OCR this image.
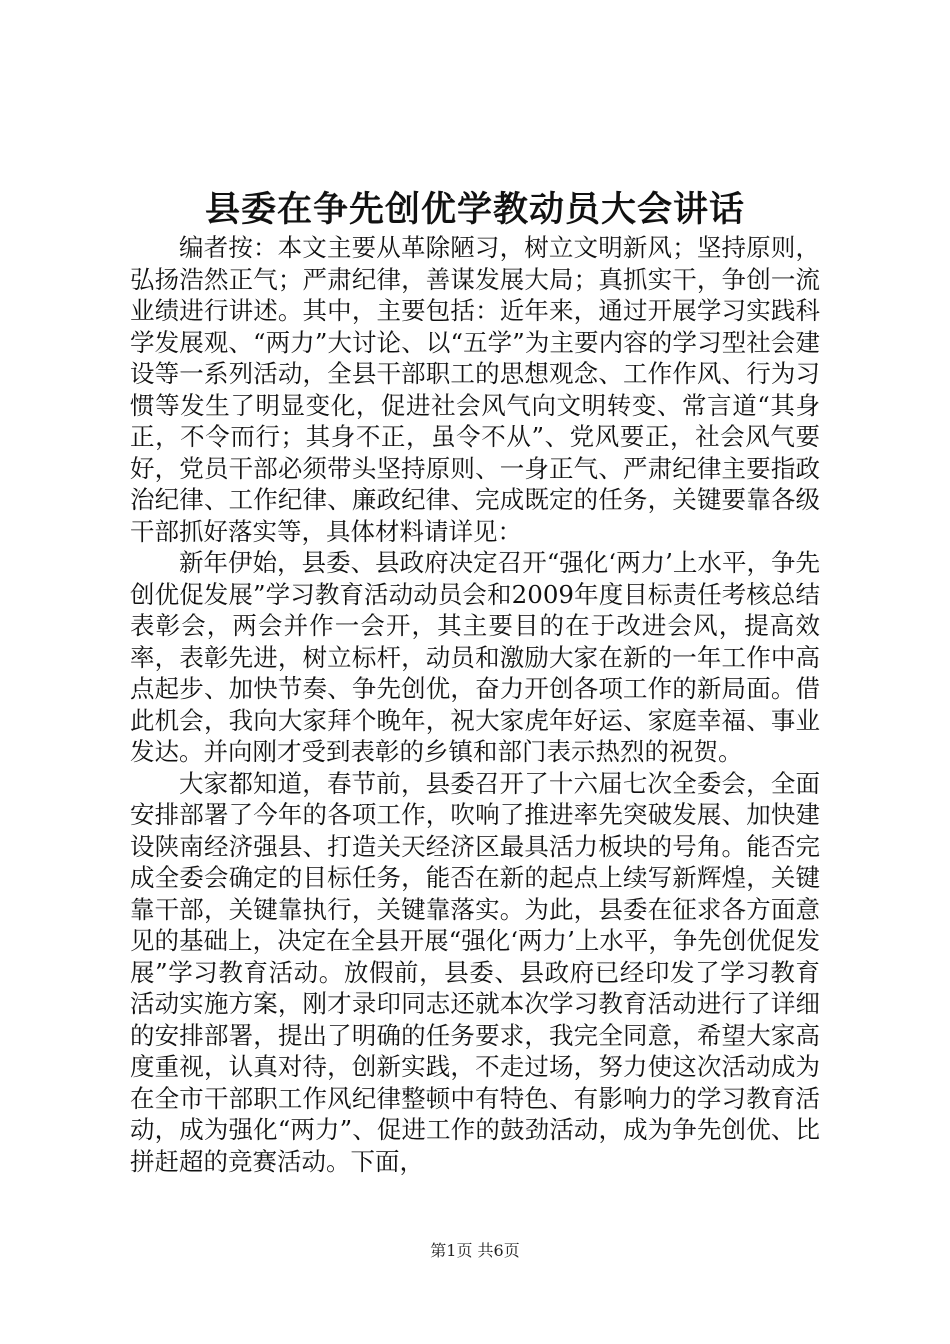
县委在争先创优学教动员大会讲话

编者按：本文主要从革除陋习，树立文明新风；坚持原则，弘扬浩然正气；严肃纪律，善谋发展大局；真抓实干，争创一流业绩进行讲述。其中，主要包括：近年来，通过开展学习实践科学发展观、“两力”大讨论、以“五学”为主要内容的学习型社会建设等一系列活动，全县干部职工的思想观念、工作作风、行为习惯等发生了明显变化，促进社会风气向文明转变、常言道“其身正，不令而行；其身不正，虽令不从”、党风要正，社会风气要好，党员干部必须带头坚持原则、一身正气、严肃纪律主要指政治纪律、工作纪律、廉政纪律、完成既定的任务，关键要靠各级干部抓好落实等，具体材料请详见：

新年伊始，县委、县政府决定召开“强化‘两力’上水平，争先创优促发展”学习教育活动动员会和2009年度目标责任考核总结表彰会，两会并作一会开，其主要目的在于改进会风，提高效率，表彰先进，树立标杆，动员和激励大家在新的一年工作中高点起步、加快节奏、争先创优，奋力开创各项工作的新局面。借此机会，我向大家拜个晚年，祝大家虎年好运、家庭幸福、事业发达。并向刚才受到表彰的乡镇和部门表示热烈的祝贺。

大家都知道，春节前，县委召开了十六届七次全委会，全面安排部署了今年的各项工作，吹响了推进率先突破发展、加快建设陕南经济强县、打造关天经济区最具活力板块的号角。能否完成全委会确定的目标任务，能否在新的起点上续写新辉煌，关键靠干部，关键靠执行，关键靠落实。为此，县委在征求各方面意见的基础上，决定在全县开展“强化‘两力’上水平，争先创优促发展”学习教育活动。放假前，县委、县政府已经印发了学习教育活动实施方案，刚才录印同志还就本次学习教育活动进行了详细的安排部署，提出了明确的任务要求，我完全同意，希望大家高度重视，认真对待，创新实践，不走过场，努力使这次活动成为在全市干部职工作风纪律整顿中有特色、有影响力的学习教育活动，成为强化“两力”、促进工作的鼓劲活动，成为争先创优、比拼赶超的竞赛活动。下面，

第1页 共6页
